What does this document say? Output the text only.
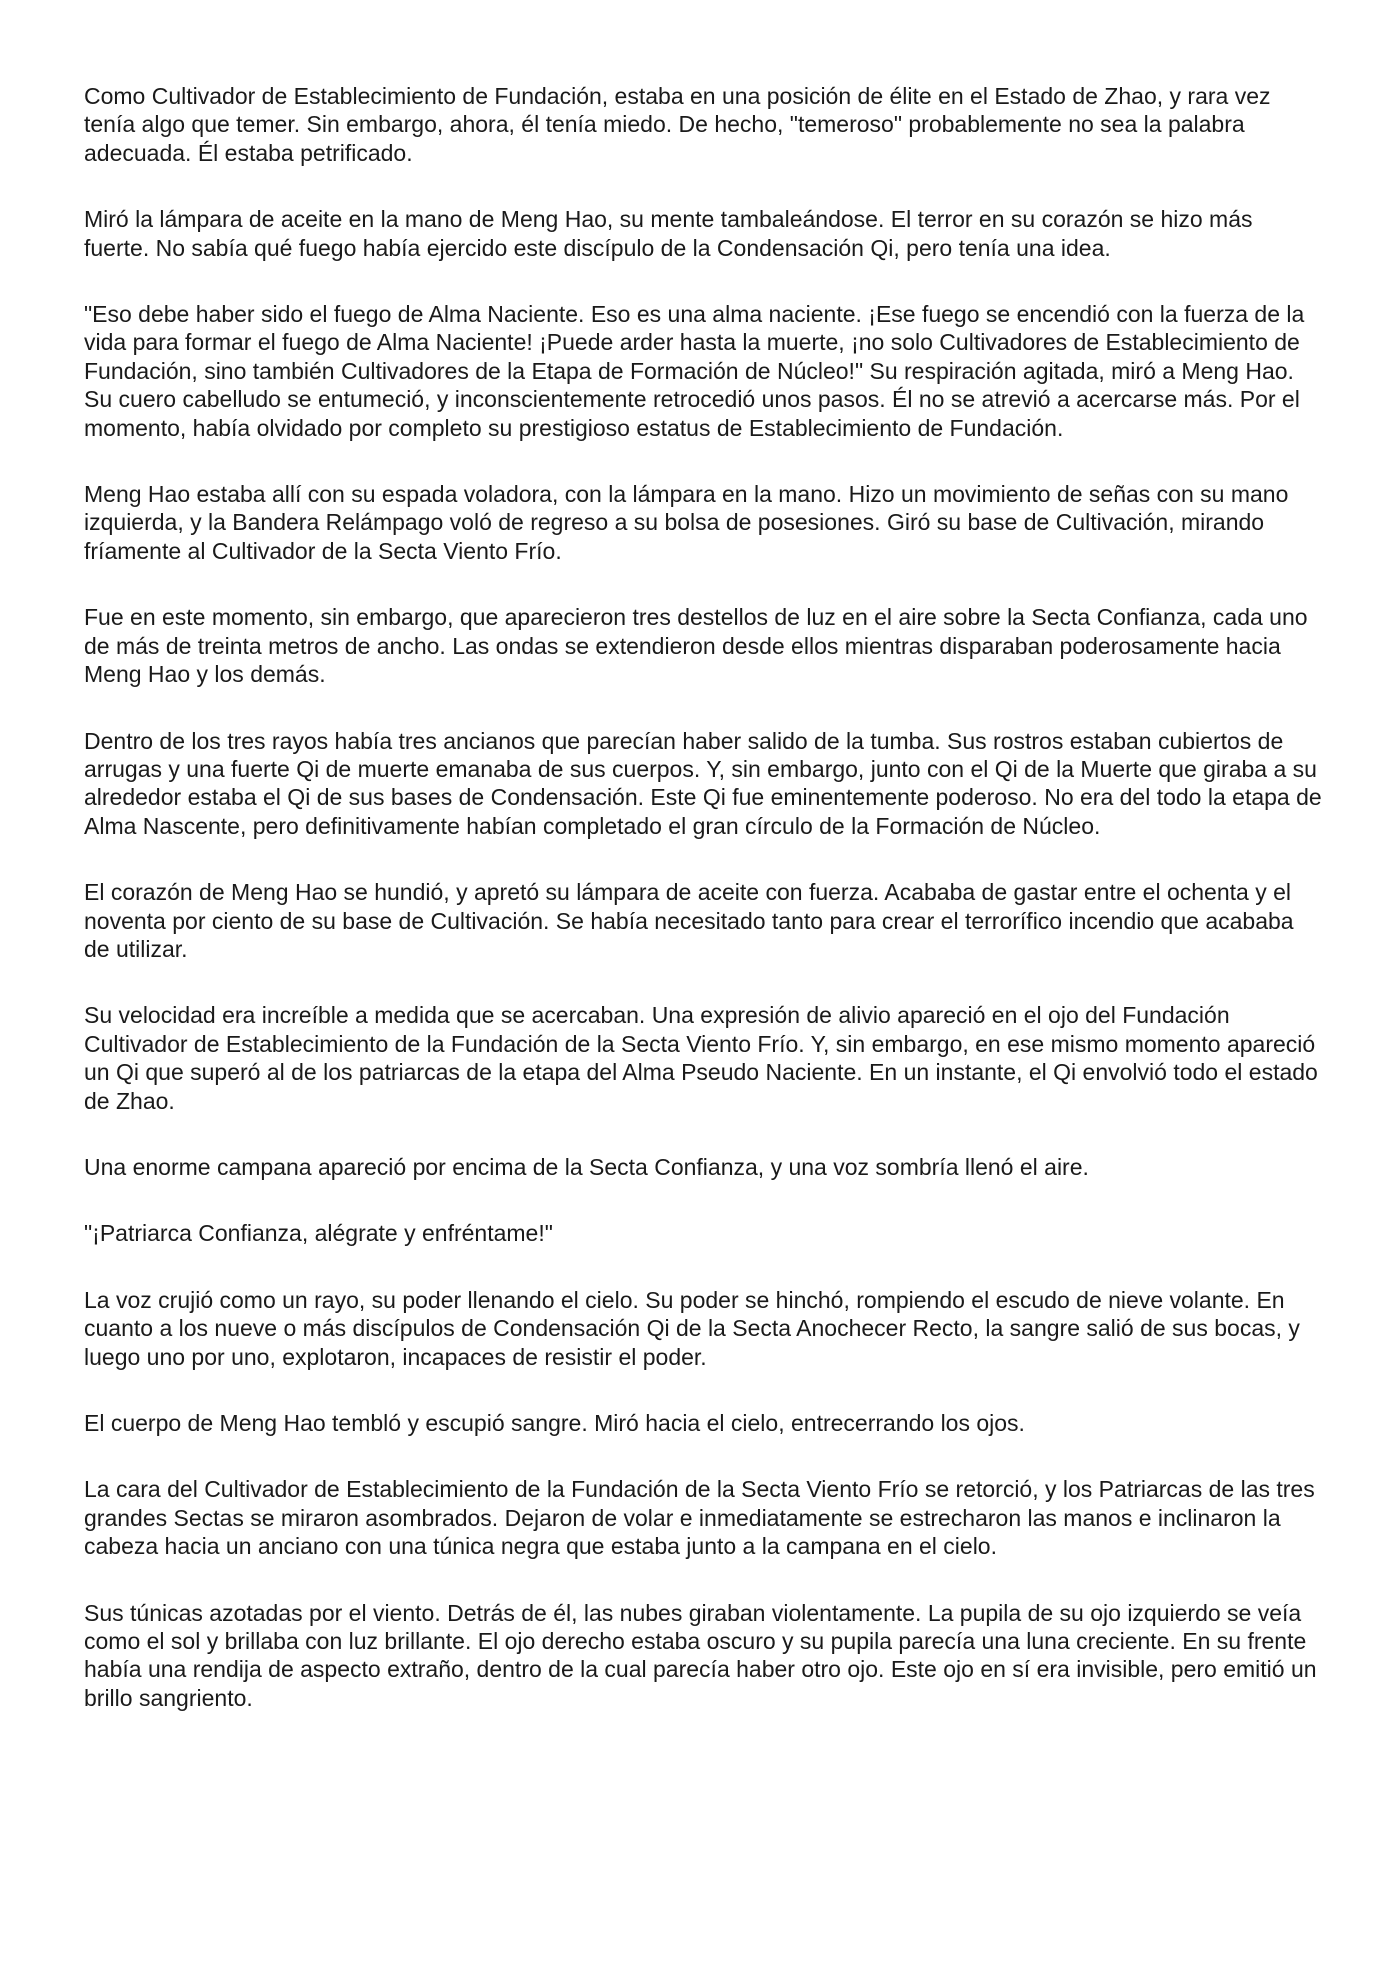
Como Cultivador de Establecimiento de Fundación, estaba en una posición de élite en el Estado de Zhao, y rara vez tenía algo que temer. Sin embargo, ahora, él tenía miedo. De hecho, "temeroso" probablemente no sea la palabra adecuada. Él estaba petrificado.

Miró la lámpara de aceite en la mano de Meng Hao, su mente tambaleándose. El terror en su corazón se hizo más fuerte. No sabía qué fuego había ejercido este discípulo de la Condensación Qi, pero tenía una idea.

"Eso debe haber sido el fuego de Alma Naciente. Eso es una alma naciente. ¡Ese fuego se encendió con la fuerza de la vida para formar el fuego de Alma Naciente! ¡Puede arder hasta la muerte, ¡no solo Cultivadores de Establecimiento de Fundación, sino también Cultivadores de la Etapa de Formación de Núcleo!" Su respiración agitada, miró a Meng Hao. Su cuero cabelludo se entumeció, y inconscientemente retrocedió unos pasos. Él no se atrevió a acercarse más. Por el momento, había olvidado por completo su prestigioso estatus de Establecimiento de Fundación.

Meng Hao estaba allí con su espada voladora, con la lámpara en la mano. Hizo un movimiento de señas con su mano izquierda, y la Bandera Relámpago voló de regreso a su bolsa de posesiones. Giró su base de Cultivación, mirando fríamente al Cultivador de la Secta Viento Frío.

Fue en este momento, sin embargo, que aparecieron tres destellos de luz en el aire sobre la Secta Confianza, cada uno de más de treinta metros de ancho. Las ondas se extendieron desde ellos mientras disparaban poderosamente hacia Meng Hao y los demás.

Dentro de los tres rayos había tres ancianos que parecían haber salido de la tumba. Sus rostros estaban cubiertos de arrugas y una fuerte Qi de muerte emanaba de sus cuerpos. Y, sin embargo, junto con el Qi de la Muerte que giraba a su alrededor estaba el Qi de sus bases de Condensación. Este Qi fue eminentemente poderoso. No era del todo la etapa de Alma Nascente, pero definitivamente habían completado el gran círculo de la Formación de Núcleo.

El corazón de Meng Hao se hundió, y apretó su lámpara de aceite con fuerza. Acababa de gastar entre el ochenta y el noventa por ciento de su base de Cultivación. Se había necesitado tanto para crear el terrorífico incendio que acababa de utilizar.

Su velocidad era increíble a medida que se acercaban. Una expresión de alivio apareció en el ojo del Fundación Cultivador de Establecimiento de la Fundación de la Secta Viento Frío. Y, sin embargo, en ese mismo momento apareció un Qi que superó al de los patriarcas de la etapa del Alma Pseudo Naciente. En un instante, el Qi envolvió todo el estado de Zhao.

Una enorme campana apareció por encima de la Secta Confianza, y una voz sombría llenó el aire.

"¡Patriarca Confianza, alégrate y enfréntame!"

La voz crujió como un rayo, su poder llenando el cielo. Su poder se hinchó, rompiendo el escudo de nieve volante. En cuanto a los nueve o más discípulos de Condensación Qi de la Secta Anochecer Recto, la sangre salió de sus bocas, y luego uno por uno, explotaron, incapaces de resistir el poder.

El cuerpo de Meng Hao tembló y escupió sangre. Miró hacia el cielo, entrecerrando los ojos.

La cara del Cultivador de Establecimiento de la Fundación de la Secta Viento Frío se retorció, y los Patriarcas de las tres grandes Sectas se miraron asombrados. Dejaron de volar e inmediatamente se estrecharon las manos e inclinaron la cabeza hacia un anciano con una túnica negra que estaba junto a la campana en el cielo.

Sus túnicas azotadas por el viento. Detrás de él, las nubes giraban violentamente. La pupila de su ojo izquierdo se veía como el sol y brillaba con luz brillante. El ojo derecho estaba oscuro y su pupila parecía una luna creciente. En su frente había una rendija de aspecto extraño, dentro de la cual parecía haber otro ojo. Este ojo en sí era invisible, pero emitió un brillo sangriento.
